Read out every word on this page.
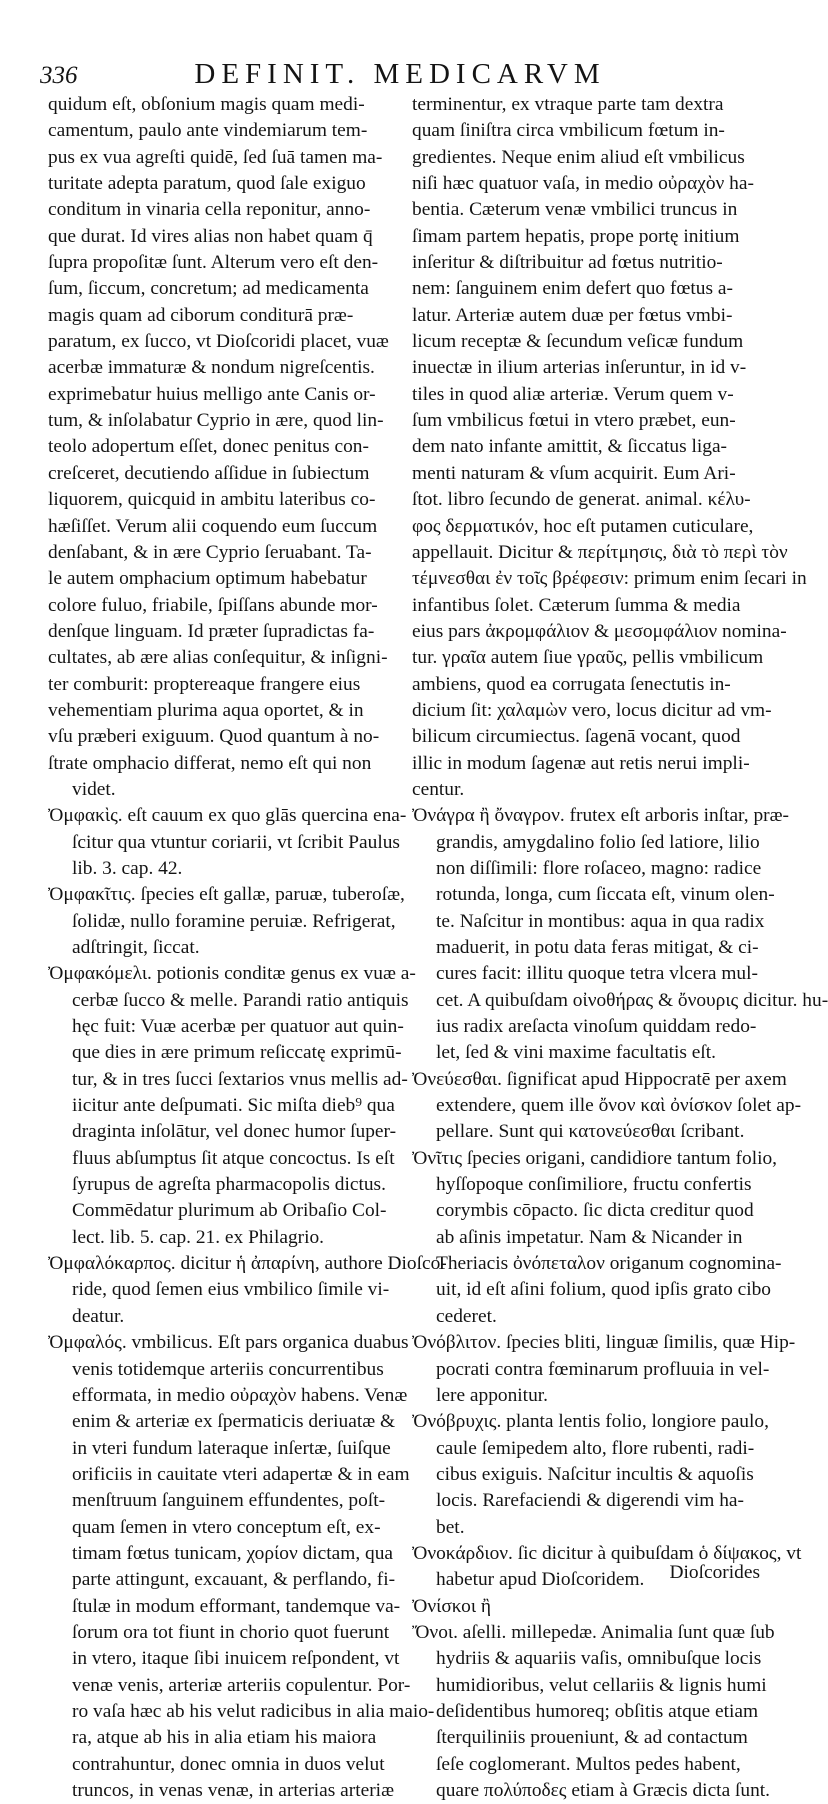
336	DEFINIT. MEDICARVM
quidum eſt, obſonium magis quam medi-
camentum, paulo ante vindemiarum tem-
pus ex vua agreſti quidē, ſed ſuā tamen ma-
turitate adepta paratum, quod ſale exiguo
conditum in vinaria cella reponitur, anno-
que durat. Id vires alias non habet quam q̄
ſupra propoſitæ ſunt. Alterum vero eſt den-
ſum, ſiccum, concretum; ad medicamenta
magis quam ad ciborum conditurā præ-
paratum, ex ſucco, vt Dioſcoridi placet, vuæ
acerbæ immaturæ & nondum nigreſcentis.
exprimebatur huius melligo ante Canis or-
tum, & inſolabatur Cyprio in ære, quod lin-
teolo adopertum eſſet, donec penitus con-
creſceret, decutiendo aſſidue in ſubiectum
liquorem, quicquid in ambitu lateribus co-
hæſiſſet. Verum alii coquendo eum ſuccum
denſabant, & in ære Cyprio ſeruabant. Ta-
le autem omphacium optimum habebatur
colore fuluo, friabile, ſpiſſans abunde mor-
denſque linguam. Id præter ſupradictas fa-
cultates, ab ære alias conſequitur, & inſigni-
ter comburit: proptereaque frangere eius
vehementiam plurima aqua oportet, & in
vſu præberi exiguum. Quod quantum à no-
ſtrate omphacio differat, nemo eſt qui non
videt.
Ὀμφακὶς. eſt cauum ex quo glās quercina ena-
ſcitur qua vtuntur coriarii, vt ſcribit Paulus
lib. 3. cap. 42.
Ὀμφακῖτις. ſpecies eſt gallæ, paruæ, tuberoſæ,
ſolidæ, nullo foramine peruiæ. Refrigerat,
adſtringit, ſiccat.
Ὀμφακόμελι. potionis conditæ genus ex vuæ a-
cerbæ ſucco & melle. Parandi ratio antiquis
hęc fuit: Vuæ acerbæ per quatuor aut quin-
que dies in ære primum reſiccatę exprimū-
tur, & in tres ſucci ſextarios vnus mellis ad-
iicitur ante deſpumati. Sic miſta dieb⁹ qua
draginta inſolātur, vel donec humor ſuper-
fluus abſumptus ſit atque concoctus. Is eſt
ſyrupus de agreſta pharmacopolis dictus.
Commēdatur plurimum ab Oribaſio Col-
lect. lib. 5. cap. 21. ex Philagrio.
Ὀμφαλόκαρπος. dicitur ἡ ἀπαρίνη, authore Dioſco-
ride, quod ſemen eius vmbilico ſimile vi-
deatur.
Ὀμφαλός. vmbilicus. Eſt pars organica duabus
venis totidemque arteriis concurrentibus
efformata, in medio οὐραχὸν habens. Venæ
enim & arteriæ ex ſpermaticis deriuatæ &
in vteri fundum lateraque inſertæ, ſuiſque
orificiis in cauitate vteri adapertæ & in eam
menſtruum ſanguinem effundentes, poſt-
quam ſemen in vtero conceptum eſt, ex-
timam fœtus tunicam, χορίον dictam, qua
parte attingunt, excauant, & perflando, fi-
ſtulæ in modum efformant, tandemque va-
ſorum ora tot fiunt in chorio quot fuerunt
in vtero, itaque ſibi inuicem reſpondent, vt
venæ venis, arteriæ arteriis copulentur. Por-
ro vaſa hæc ab his velut radicibus in alia maio-
ra, atque ab his in alia etiam his maiora
contrahuntur, donec omnia in duos velut
truncos, in venas venæ, in arterias arteriæ
terminentur, ex vtraque parte tam dextra
quam ſiniſtra circa vmbilicum fœtum in-
gredientes. Neque enim aliud eſt vmbilicus
niſi hæc quatuor vaſa, in medio οὐραχὸν ha-
bentia. Cæterum venæ vmbilici truncus in
ſimam partem hepatis, prope portę initium
inſeritur & diſtribuitur ad fœtus nutritio-
nem: ſanguinem enim defert quo fœtus a-
latur. Arteriæ autem duæ per fœtus vmbi-
licum receptæ & ſecundum veſicæ fundum
inuectæ in ilium arterias inſeruntur, in id v-
tiles in quod aliæ arteriæ. Verum quem v-
ſum vmbilicus fœtui in vtero præbet, eun-
dem nato infante amittit, & ſiccatus liga-
menti naturam & vſum acquirit. Eum Ari-
ſtot. libro ſecundo de generat. animal. κέλυ-
φος δερματικόν, hoc eſt putamen cuticulare,
appellauit. Dicitur & περίτμησις, διὰ τὸ περὶ τὸν
τέμνεσθαι ἐν τοῖς βρέφεσιν: primum enim ſecari in
infantibus ſolet. Cæterum ſumma & media
eius pars ἀκρομφάλιον & μεσομφάλιον nomina-
tur. γραῖα autem ſiue γραῦς, pellis vmbilicum
ambiens, quod ea corrugata ſenectutis in-
dicium ſit: χαλαμὼν vero, locus dicitur ad vm-
bilicum circumiectus. ſagenā vocant, quod
illic in modum ſagenæ aut retis nerui impli-
centur.
Ὀνάγρα ἢ ὄναγρον. frutex eſt arboris inſtar, præ-
grandis, amygdalino folio ſed latiore, lilio
non diſſimili: flore roſaceo, magno: radice
rotunda, longa, cum ſiccata eſt, vinum olen-
te. Naſcitur in montibus: aqua in qua radix
maduerit, in potu data feras mitigat, & ci-
cures facit: illitu quoque tetra vlcera mul-
cet. A quibuſdam οἰνοθήρας & ὄνουρις dicitur. hu-
ius radix areſacta vinoſum quiddam redo-
let, ſed & vini maxime facultatis eſt.
Ὀνεύεσθαι. ſignificat apud Hippocratē per axem
extendere, quem ille ὄνον καὶ ὀνίσκον ſolet ap-
pellare. Sunt qui κατονεύεσθαι ſcribant.
Ὀνῖτις ſpecies origani, candidiore tantum folio,
hyſſopoque conſimiliore, fructu confertis
corymbis cōpacto. ſic dicta creditur quod
ab aſinis impetatur. Nam & Nicander in
Theriacis ὀνόπεταλον origanum cognomina-
uit, id eſt aſini folium, quod ipſis grato cibo
cederet.
Ὀνόβλιτον. ſpecies bliti, linguæ ſimilis, quæ Hip-
pocrati contra fœminarum profluuia in vel-
lere apponitur.
Ὀνόβρυχις. planta lentis folio, longiore paulo,
caule ſemipedem alto, flore rubenti, radi-
cibus exiguis. Naſcitur incultis & aquoſis
locis. Rarefaciendi & digerendi vim ha-
bet.
Ὀνοκάρδιον. ſic dicitur à quibuſdam ὁ δίψακος, vt
habetur apud Dioſcoridem.
Ὀνίσκοι ἢ
Ὄνοι. aſelli. millepedæ. Animalia ſunt quæ ſub
hydriis & aquariis vaſis, omnibuſque locis
humidioribus, velut cellariis & lignis humi
deſidentibus humoreq; obſitis atque etiam
ſterquiliniis proueniunt, & ad contactum
ſeſe coglomerant. Multos pedes habent,
quare πολύποδες etiam à Græcis dicta ſunt.
Dioſcorides
